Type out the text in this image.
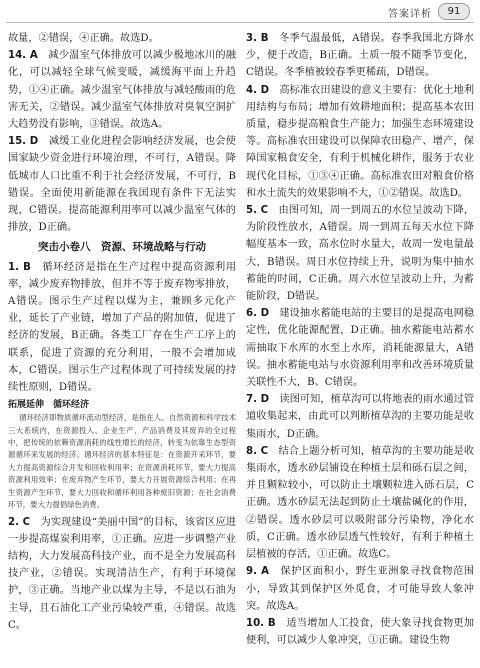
答案详析	91

故量，②错误，④正确。故选D。

14. A　 减少温室气体排放可以减少极地冰川的融化，可以减轻全球气候变暖，减缓海平面上升趋势，①④正确。减少温室气体排放与减轻酸雨的危害无关，②错误。减少温室气体排放对臭氧空洞扩大趋势没有影响，③错误。故选A。

15. D　 减缓工业化进程会影响经济发展，也会使国家缺少资金进行环境治理，不可行，A错误。降低城市人口比重不利于社会经济发展，不可行，B错误。全面使用新能源在我国现有条件下无法实现，C错误。提高能源利用率可以减少温室气体的排放，D正确。

突击小卷八　资源、环境战略与行动

1. B　 循环经济是指在生产过程中提高资源利用率，减少废弃物排放，但并不等于废弃物零排放，A错误。图示生产过程以煤为主，兼顾多元化产业，延长了产业链，增加了产品的附加值，促进了经济的发展，B正确。各类工厂存在生产工序上的联系，促进了资源的充分利用，一般不会增加成本，C错误。图示生产过程体现了可持续发展的持续性原则，D错误。

拓展延伸　循环经济

循环经济即物质循环流动型经济，是指在人、自然资源和科学技术三大系统内，在资源投入、企业生产、产品消费及其废弃的全过程中，把传统的依赖资源消耗的线性增长的经济，转变为依靠生态型资源循环来发展的经济。循环经济的基本特征是：在资源开采环节，要大力提高资源综合开发和回收利用率；在资源消耗环节，要大力提高资源利用效率；在废弃物产生环节，要大力开展资源综合利用；在再生资源产生环节，要大力回收和循环利用各种废旧资源；在社会消费环节，要大力提倡绿色消费。

2. C　 为实现建设“美丽中国”的目标，该省区应进一步提高煤炭利用率，①正确。应进一步调整产业结构，大力发展高科技产业，而不是全力发展高科技产业，②错误。实现清洁生产，有利于环境保护，③正确。当地产业以煤为主导，不是以石油为主导，且石油化工产业污染较严重，④错误。故选C。

3. B　 冬季气温最低，A错误。春季我国北方降水少，便于改造，B正确。土质一般不随季节变化，C错误。冬季植被较春季更稀疏，D错误。

4. D　 高标准农田建设的意义主要有：优化土地利用结构与布局；增加有效耕地面积；提高基本农田质量，稳步提高粮食生产能力；加强生态环境建设等。高标准农田建设可以保障农田稳产、增产，保障国家粮食安全，有利于机械化耕作，服务于农业现代化目标，①③④正确。高标准农田对粮食价格和水土流失的效果影响不大，①②错误。故选D。

5. C　 由图可知，周一到周五的水位呈波动下降，为阶段性放水，A错误。周一到周五每天水位下降幅度基本一致，高水位时水量大，故周一发电量最大，B错误。周日水位持续上升，说明为集中抽水蓄能的时间，C正确。周六水位呈波动上升，为蓄能阶段，D错误。

6. D　 建设抽水蓄能电站的主要目的是提高电网稳定性，优化能源配置，D正确。抽水蓄能电站蓄水需抽取下水库的水至上水库，消耗能源量大，A错误。抽水蓄能电站与水资源利用率和改善环境质量关联性不大，B、C错误。

7. D　 读图可知，植草沟可以将地表的雨水通过管道收集起来，由此可以判断植草沟的主要功能是收集雨水，D正确。

8. C　 结合上题分析可知，植草沟的主要功能是收集雨水，透水砂层铺设在种植土层和砾石层之间，并且颗粒较小，可以防止土壤颗粒进入砾石层，C正确。透水砂层无法起到防止土壤盐碱化的作用，②错误。透水砂层可以吸附部分污染物，净化水质，C正确。透水砂层透气性较好，有利于种植土层植被的存活，①正确。故选C。

9. A　 保护区面积小，野生亚洲象寻找食物范围小，导致其到保护区外觅食，才可能导致人象冲突。故选A。

10. B　 适当增加人工投食，使大象寻找食物更加便利，可以减少人象冲突，①正确。建设生物
